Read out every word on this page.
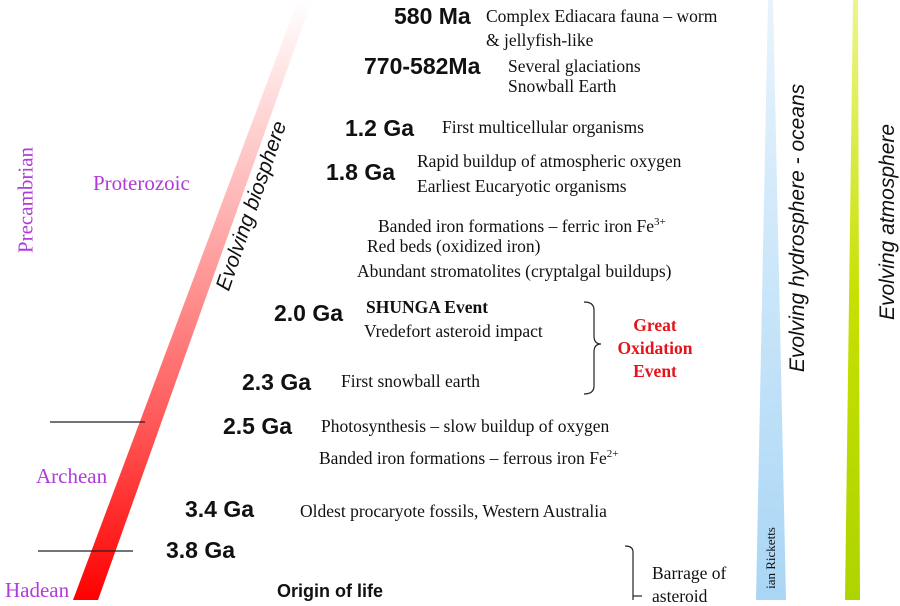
Precambrian	Proterozoic
Archean
Hadean
Evolving biosphere	Evolving hydrosphere - oceans	Evolving atmosphere
580 Ma Complex Ediacara fauna – worm
& jellyfish-like
770-582Ma Several glaciations
Snowball Earth
1.2 Ga First multicellular organisms
1.8 Ga Rapid buildup of atmospheric oxygen
Earliest Eucaryotic organisms
Banded iron formations – ferric iron $Fe^{3+}$
Red beds (oxidized iron)
Abundant stromatolites (cryptalgal buildups)
2.0 Ga SHUNGA Event
Vredefort asteroid impact
2.3 Ga First snowball earth
Great
Oxidation
Event
2.5 Ga Photosynthesis – slow buildup of oxygen
Banded iron formations – ferrous iron $Fe^{2+}$
3.4 Ga	Oldest procaryote fossils, Western Australia
3.8 Ga
Origin of life
Barrage of
asteroid
ian Ricketts
